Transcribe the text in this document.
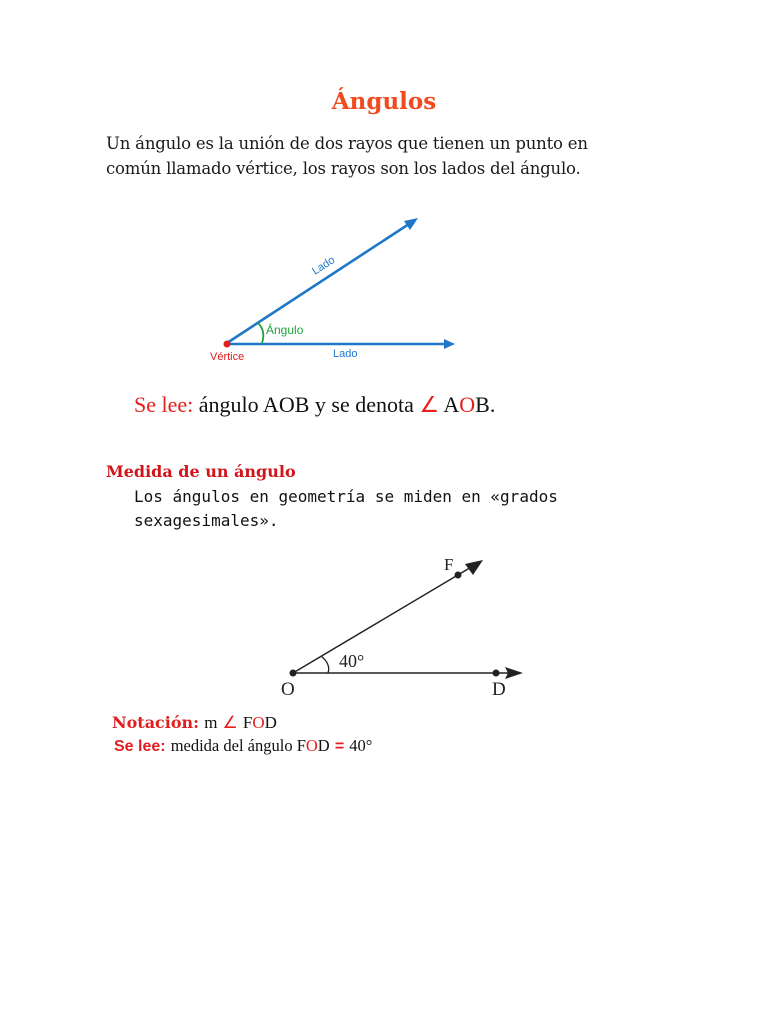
Ángulos
Un ángulo es la unión de dos rayos que tienen un punto en
común llamado vértice, los rayos son los lados del ángulo.
Lado
Ángulo
Lado
Vértice
Se lee: ángulo AOB y se denota ∠ AOB.
Medida de un ángulo
Los ángulos en geometría se miden en «grados
sexagesimales».
F
O	D
40°
Notación: m ∠ FOD
Se lee: medida del ángulo FOD = 40°
